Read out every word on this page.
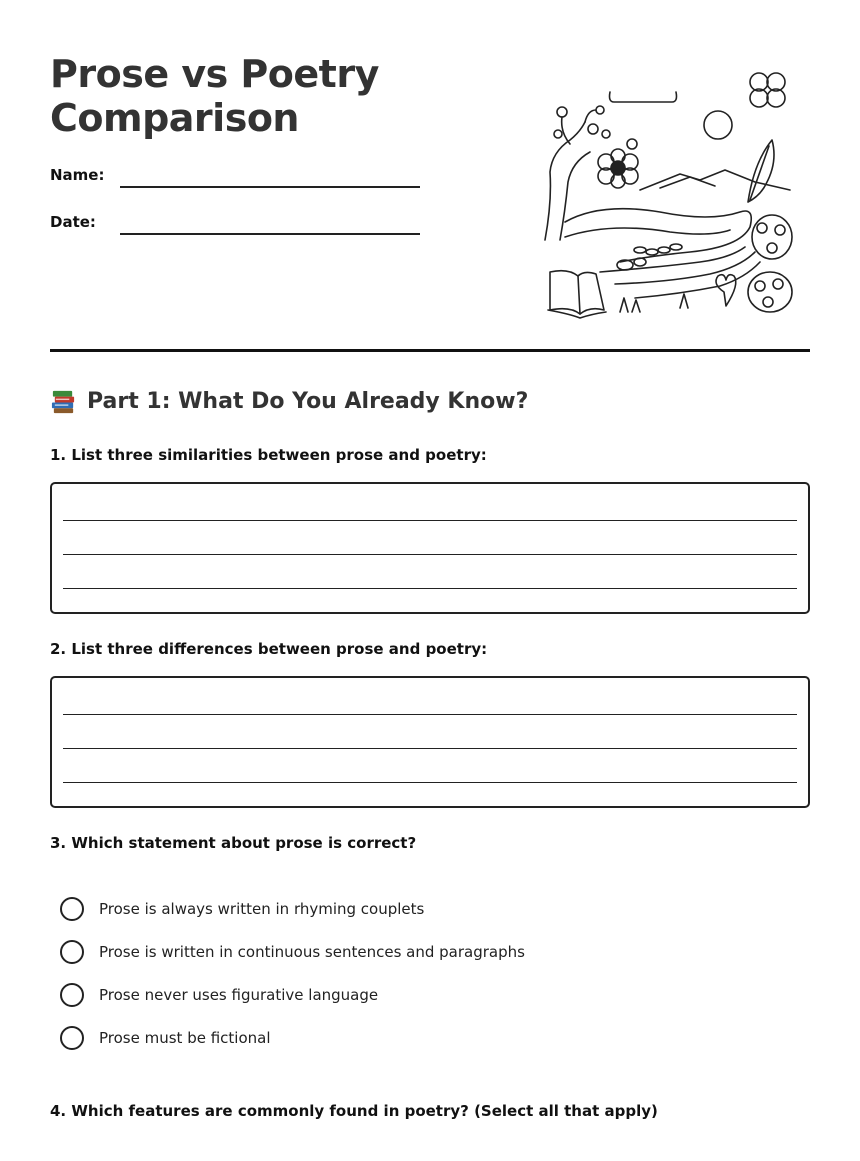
Prose vs Poetry Comparison
Name:
Date:
Part 1: What Do You Already Know?
1. List three similarities between prose and poetry:
2. List three differences between prose and poetry:
3. Which statement about prose is correct?
Prose is always written in rhyming couplets
Prose is written in continuous sentences and paragraphs
Prose never uses figurative language
Prose must be fictional
4. Which features are commonly found in poetry? (Select all that apply)
